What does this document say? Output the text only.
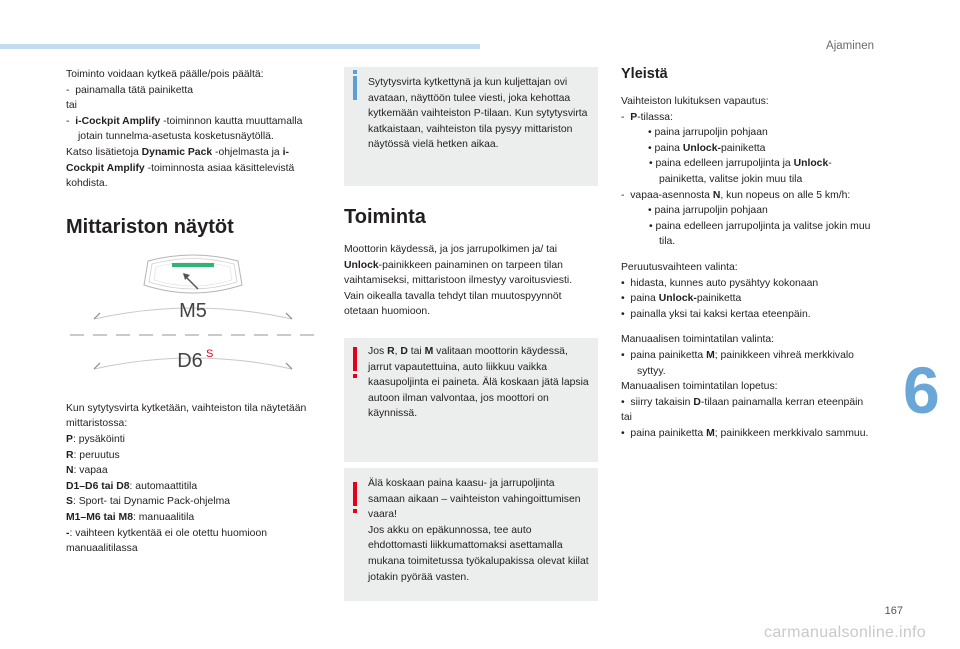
Ajaminen

Toiminto voidaan kytkeä päälle/pois päältä:

-  painamalla tätä painiketta

tai

-  i-Cockpit Amplify -toiminnon kautta muuttamalla jotain tunnelma-asetusta kosketusnäytöllä.

Katso lisätietoja Dynamic Pack -ohjelmasta ja i-Cockpit Amplify -toiminnosta asiaa käsittelevistä kohdista.

Mittariston näytöt
M5
D6 S

Kun sytytysvirta kytketään, vaihteiston tila näytetään mittaristossa:

P: pysäköinti

R: peruutus

N: vapaa

D1–D6 tai D8: automaattitila

S: Sport- tai Dynamic Pack-ohjelma

M1–M6 tai M8: manuaalitila

-: vaihteen kytkentää ei ole otettu huomioon manuaalitilassa

Sytytysvirta kytkettynä ja kun kuljettajan ovi avataan, näyttöön tulee viesti, joka kehottaa kytkemään vaihteiston P-tilaan. Kun sytytysvirta katkaistaan, vaihteiston tila pysyy mittariston näytössä vielä hetken aikaa.

Toiminta

Moottorin käydessä, ja jos jarrupolkimen ja/ tai Unlock-painikkeen painaminen on tarpeen tilan vaihtamiseksi, mittaristoon ilmestyy varoitusviesti.

Vain oikealla tavalla tehdyt tilan muutospyynnöt otetaan huomioon.

Jos R, D tai M valitaan moottorin käydessä, jarrut vapautettuina, auto liikkuu vaikka kaasupoljinta ei paineta. Älä koskaan jätä lapsia autoon ilman valvontaa, jos moottori on käynnissä.

Älä koskaan paina kaasu- ja jarrupoljinta samaan aikaan – vaihteiston vahingoittumisen vaara!

Jos akku on epäkunnossa, tee auto ehdottomasti liikkumattomaksi asettamalla mukana toimitetussa työkalupakissa olevat kiilat jotakin pyörää vasten.

Yleistä

Vaihteiston lukituksen vapautus:

-  P-tilassa:

• paina jarrupoljin pohjaan

• paina Unlock-painiketta

• paina edelleen jarrupoljinta ja Unlock-painiketta, valitse jokin muu tila

-  vapaa-asennosta N, kun nopeus on alle 5 km/h:

• paina jarrupoljin pohjaan

• paina edelleen jarrupoljinta ja valitse jokin muu tila.

Peruutusvaihteen valinta:

•  hidasta, kunnes auto pysähtyy kokonaan

•  paina Unlock-painiketta

•  painalla yksi tai kaksi kertaa eteenpäin.

Manuaalisen toimintatilan valinta:

•  paina painiketta M; painikkeen vihreä merkkivalo syttyy.

Manuaalisen toimintatilan lopetus:

•  siirry takaisin D-tilaan painamalla kerran eteenpäin

tai

•  paina painiketta M; painikkeen merkkivalo sammuu.

6
167
carmanualsonline.info
